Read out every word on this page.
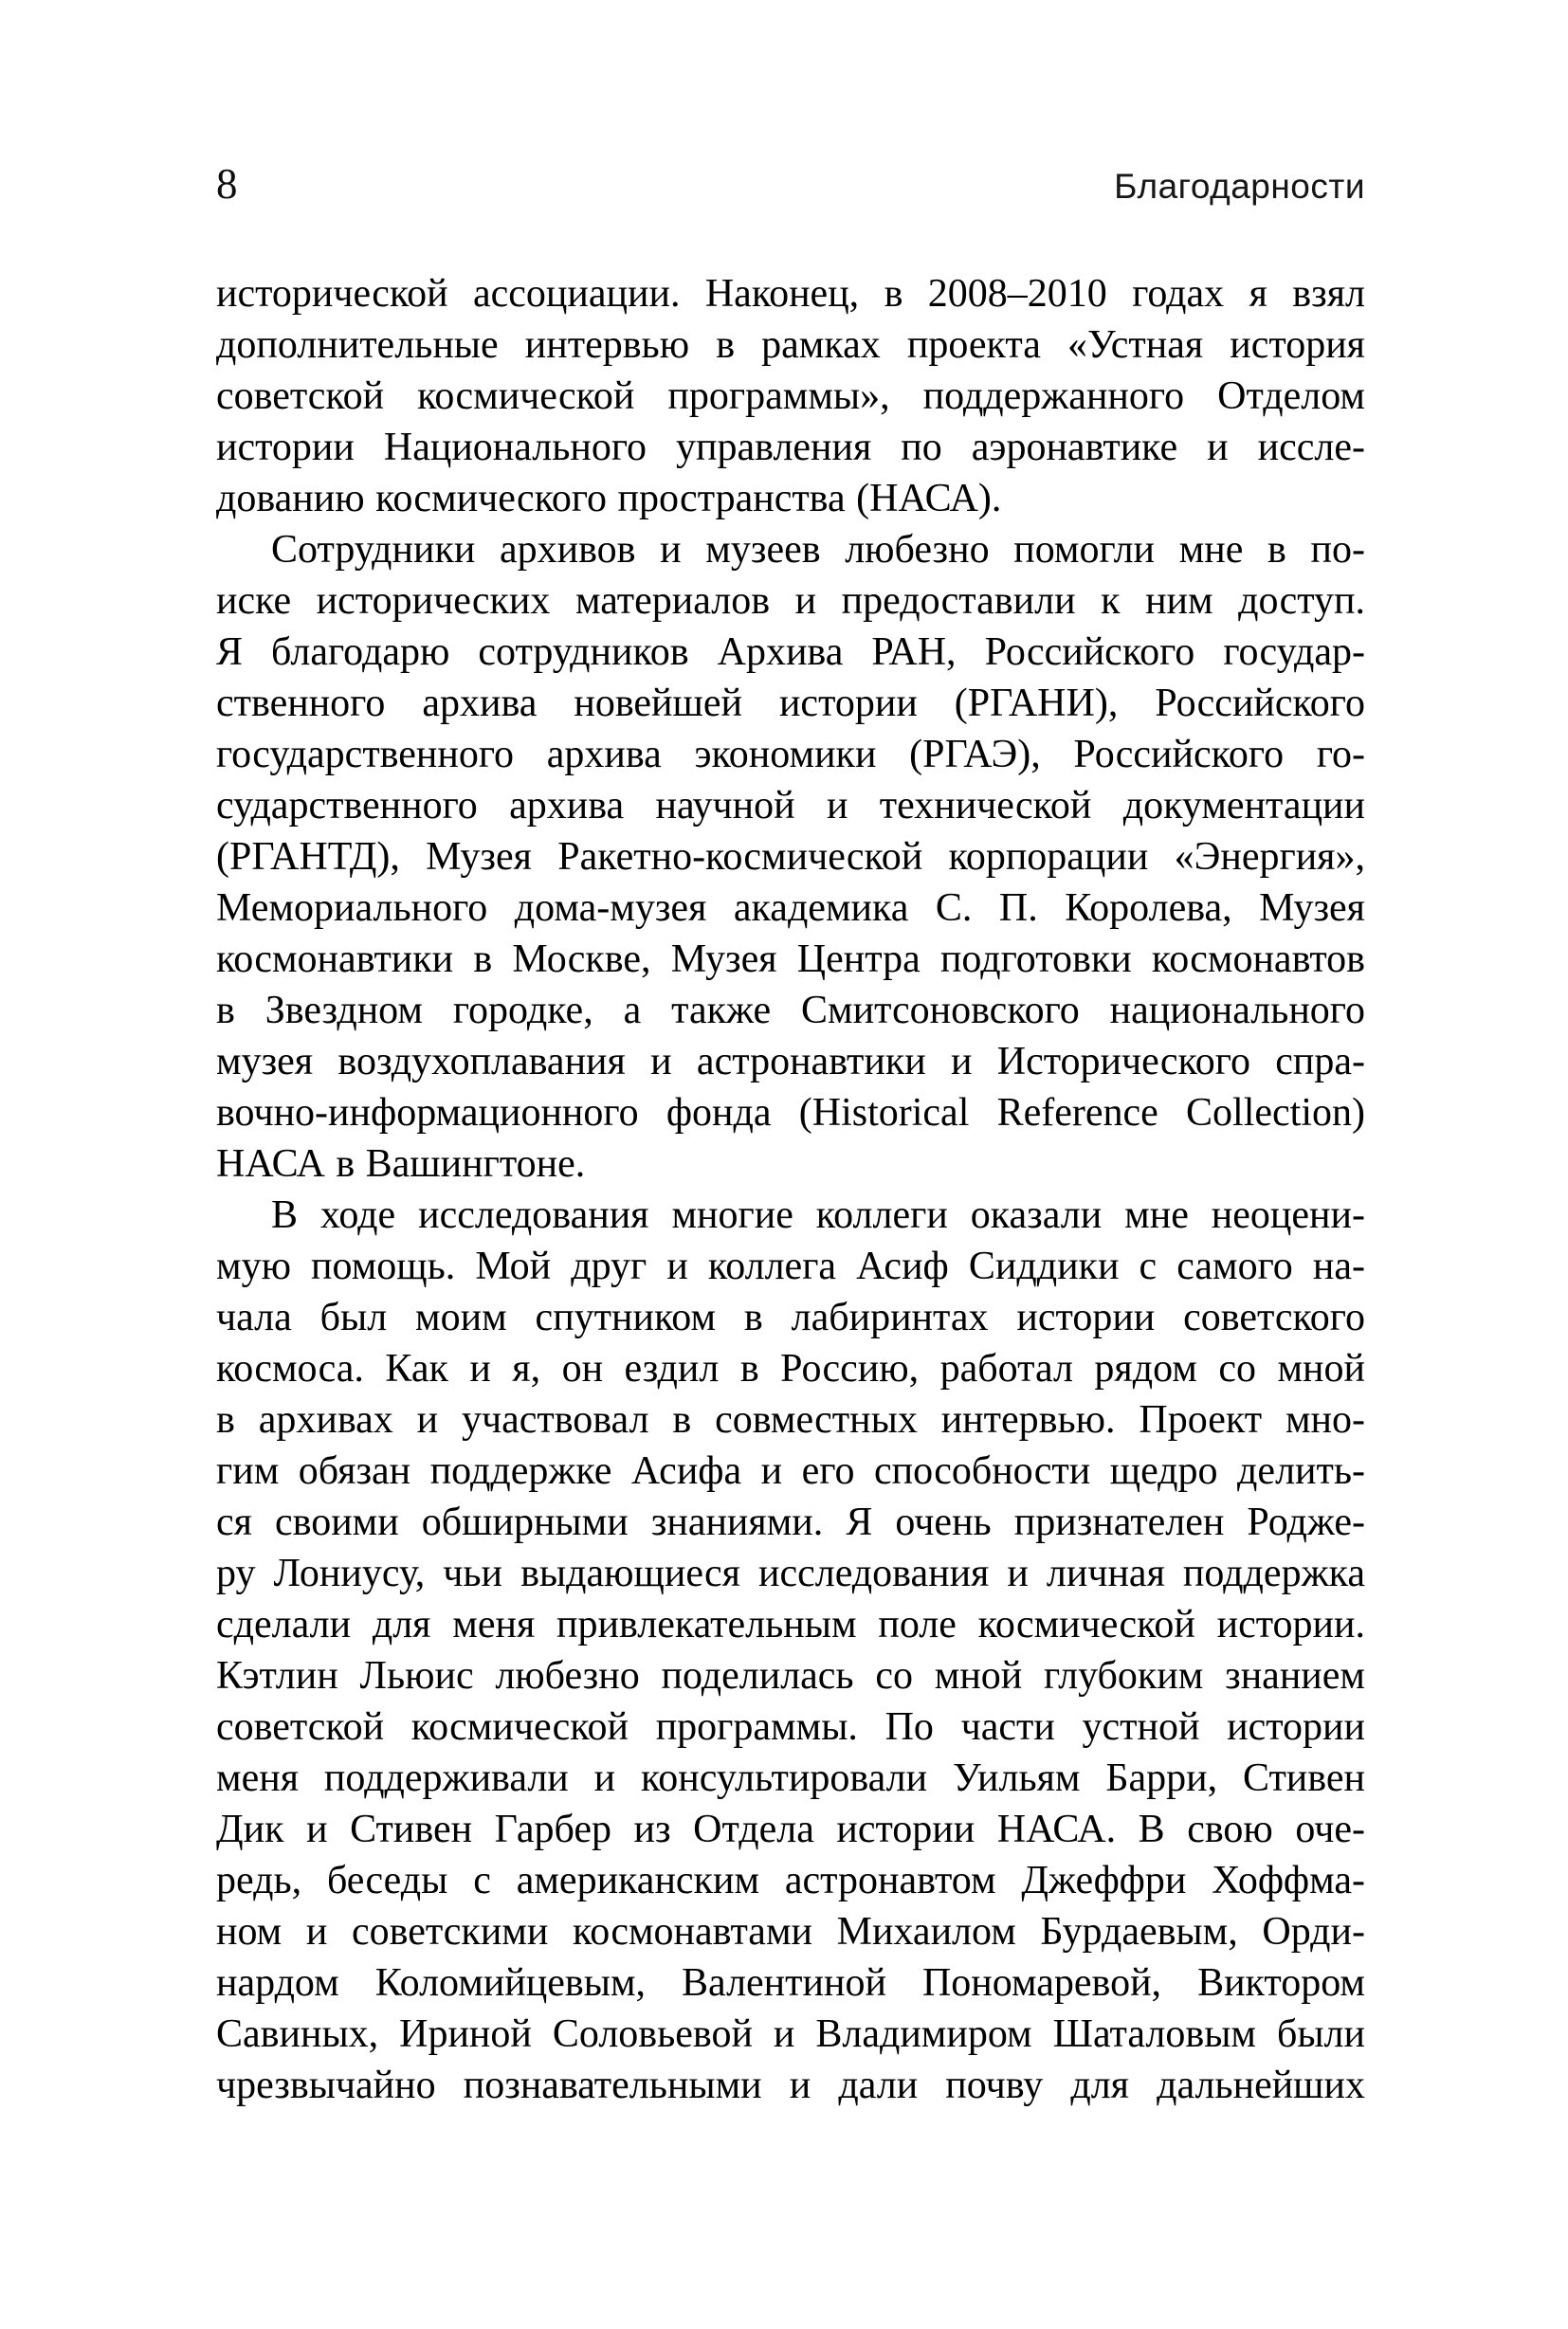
8	Благодарности
исторической ассоциации. Наконец, в 2008–2010 годах я взял
дополнительные интервью в рамках проекта «Устная история
советской космической программы», поддержанного Отделом
истории Национального управления по аэронавтике и иссле-
дованию космического пространства (НАСА).
Сотрудники архивов и музеев любезно помогли мне в по-
иске исторических материалов и предоставили к ним доступ.
Я благодарю сотрудников Архива РАН, Российского государ-
ственного архива новейшей истории (РГАНИ), Российского
государственного архива экономики (РГАЭ), Российского го-
сударственного архива научной и технической документации
(РГАНТД), Музея Ракетно-космической корпорации «Энергия»,
Мемориального дома-музея академика С. П. Королева, Музея
космонавтики в Москве, Музея Центра подготовки космонавтов
в Звездном городке, а также Смитсоновского национального
музея воздухоплавания и астронавтики и Исторического спра-
вочно-информационного фонда (Historical Reference Collection)
НАСА в Вашингтоне.
В ходе исследования многие коллеги оказали мне неоцени-
мую помощь. Мой друг и коллега Асиф Сиддики с самого на-
чала был моим спутником в лабиринтах истории советского
космоса. Как и я, он ездил в Россию, работал рядом со мной
в архивах и участвовал в совместных интервью. Проект мно-
гим обязан поддержке Асифа и его способности щедро делить-
ся своими обширными знаниями. Я очень признателен Родже-
ру Лониусу, чьи выдающиеся исследования и личная поддержка
сделали для меня привлекательным поле космической истории.
Кэтлин Льюис любезно поделилась со мной глубоким знанием
советской космической программы. По части устной истории
меня поддерживали и консультировали Уильям Барри, Стивен
Дик и Стивен Гарбер из Отдела истории НАСА. В свою оче-
редь, беседы с американским астронавтом Джеффри Хоффма-
ном и советскими космонавтами Михаилом Бурдаевым, Орди-
нардом Коломийцевым, Валентиной Пономаревой, Виктором
Савиных, Ириной Соловьевой и Владимиром Шаталовым были
чрезвычайно познавательными и дали почву для дальнейших
